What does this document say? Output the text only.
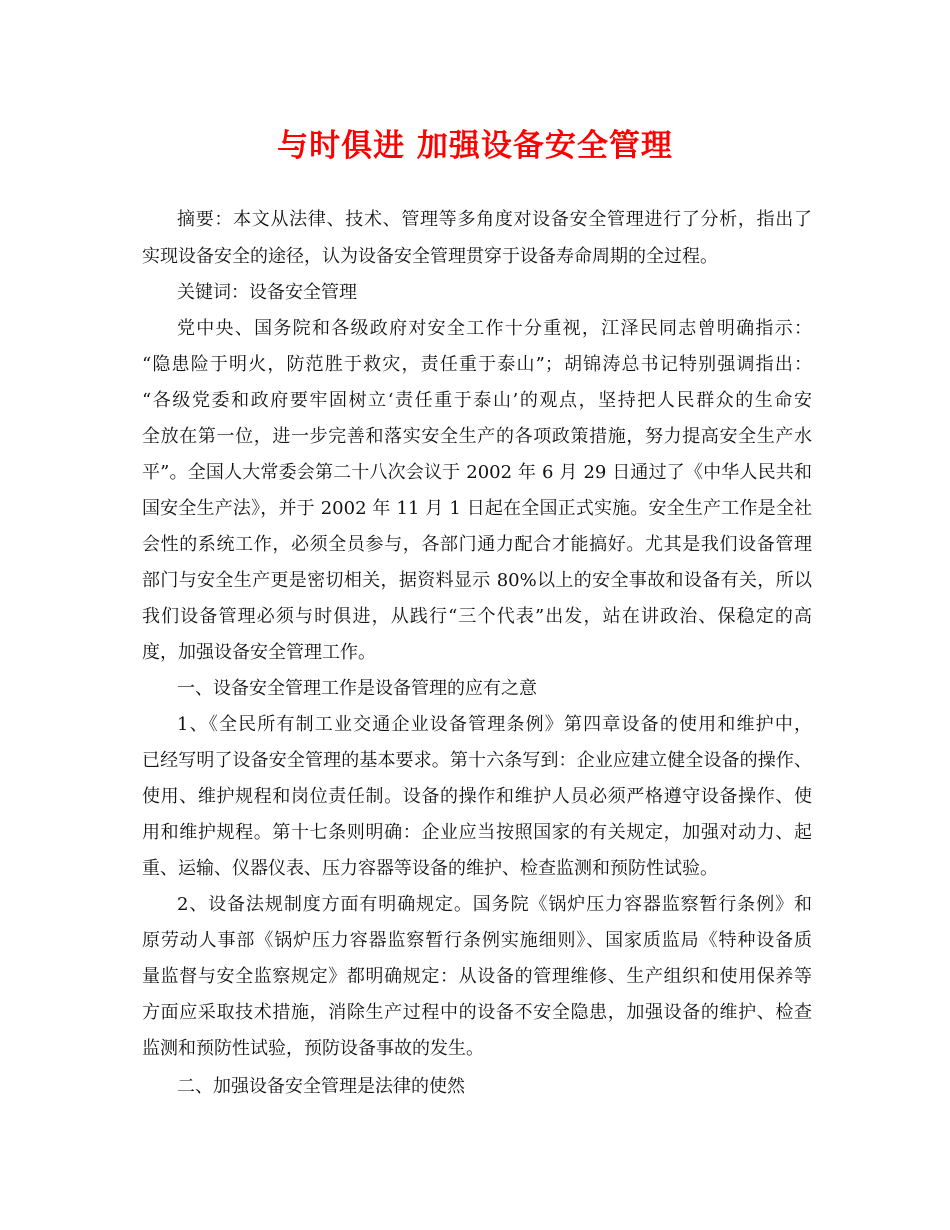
与时俱进 加强设备安全管理
摘要：本文从法律、技术、管理等多角度对设备安全管理进行了分析，指出了
实现设备安全的途径，认为设备安全管理贯穿于设备寿命周期的全过程。
关键词：设备安全管理
党中央、国务院和各级政府对安全工作十分重视，江泽民同志曾明确指示：
“隐患险于明火，防范胜于救灾，责任重于泰山”；胡锦涛总书记特别强调指出：
“各级党委和政府要牢固树立‘责任重于泰山’的观点，坚持把人民群众的生命安
全放在第一位，进一步完善和落实安全生产的各项政策措施，努力提高安全生产水
平”。全国人大常委会第二十八次会议于 2002 年 6 月 29 日通过了《中华人民共和
国安全生产法》，并于 2002 年 11 月 1 日起在全国正式实施。安全生产工作是全社
会性的系统工作，必须全员参与，各部门通力配合才能搞好。尤其是我们设备管理
部门与安全生产更是密切相关，据资料显示 80%以上的安全事故和设备有关，所以
我们设备管理必须与时俱进，从践行“三个代表”出发，站在讲政治、保稳定的高
度，加强设备安全管理工作。
一、设备安全管理工作是设备管理的应有之意
1、《全民所有制工业交通企业设备管理条例》第四章设备的使用和维护中，
已经写明了设备安全管理的基本要求。第十六条写到：企业应建立健全设备的操作、
使用、维护规程和岗位责任制。设备的操作和维护人员必须严格遵守设备操作、使
用和维护规程。第十七条则明确：企业应当按照国家的有关规定，加强对动力、起
重、运输、仪器仪表、压力容器等设备的维护、检查监测和预防性试验。
2、设备法规制度方面有明确规定。国务院《锅炉压力容器监察暂行条例》和
原劳动人事部《锅炉压力容器监察暂行条例实施细则》、国家质监局《特种设备质
量监督与安全监察规定》都明确规定：从设备的管理维修、生产组织和使用保养等
方面应采取技术措施，消除生产过程中的设备不安全隐患，加强设备的维护、检查
监测和预防性试验，预防设备事故的发生。
二、加强设备安全管理是法律的使然
